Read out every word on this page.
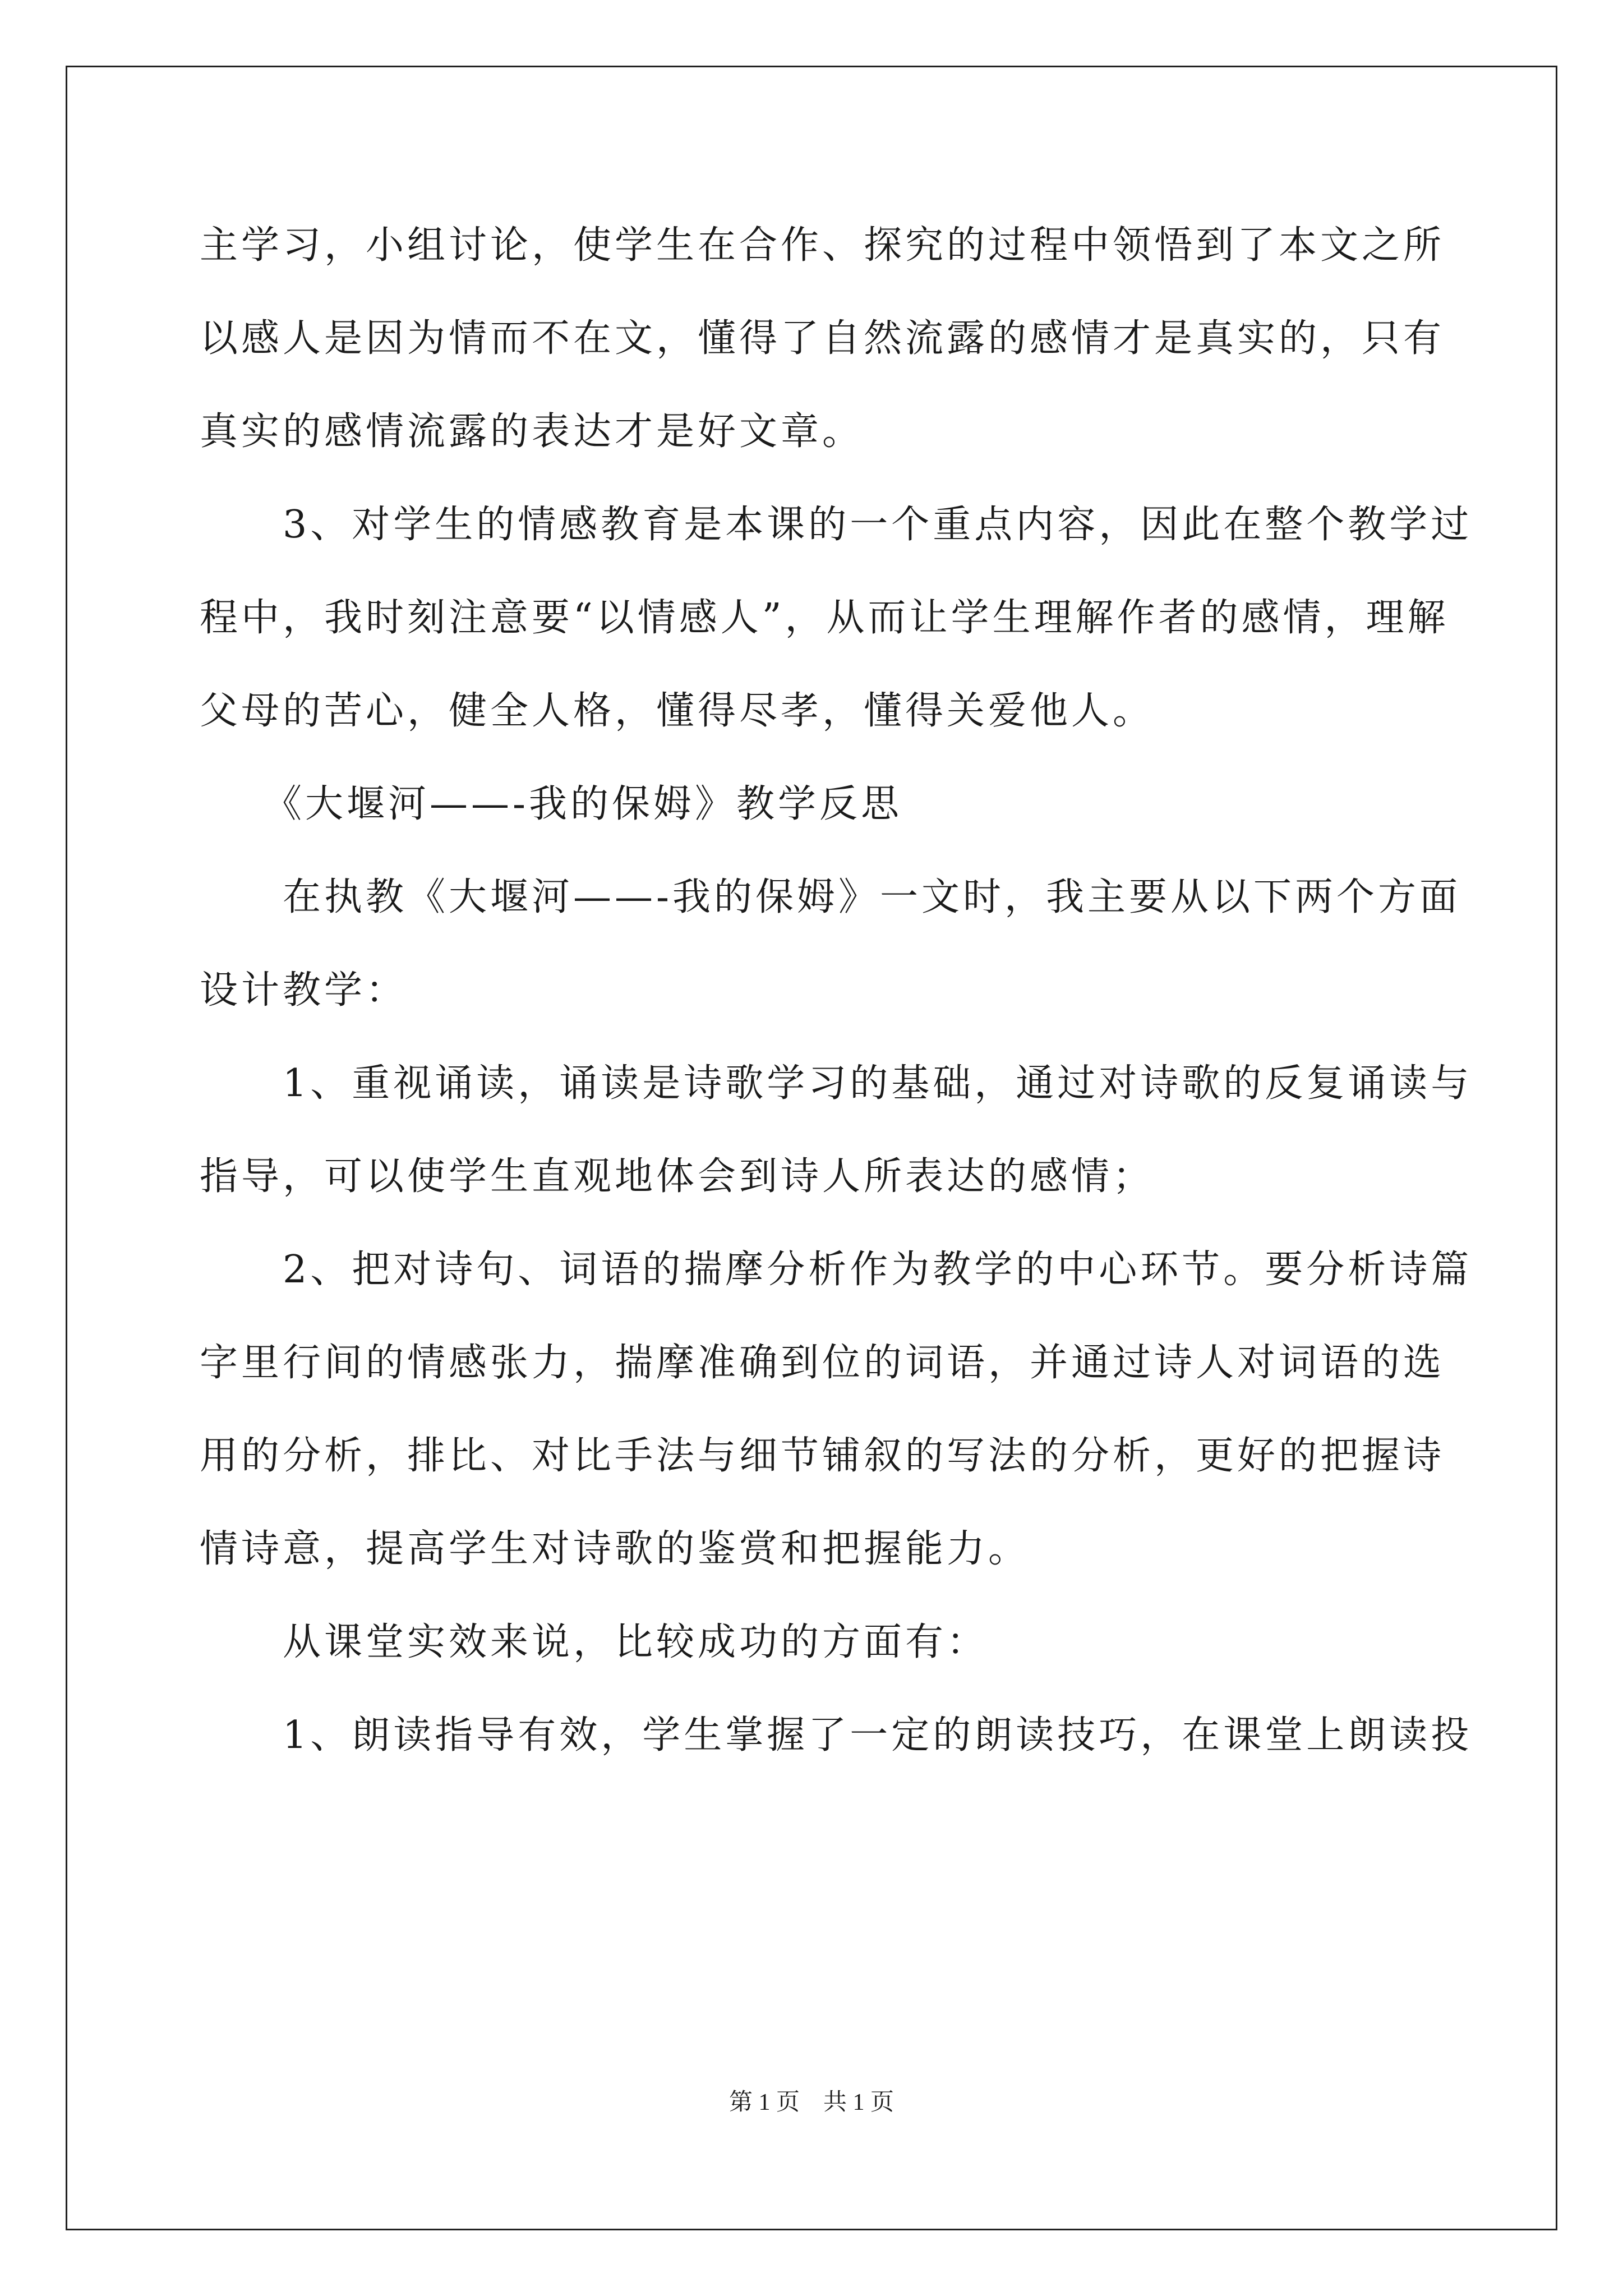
主学习，小组讨论，使学生在合作、探究的过程中领悟到了本文之所
以感人是因为情而不在文，懂得了自然流露的感情才是真实的，只有
真实的感情流露的表达才是好文章。
　　3、对学生的情感教育是本课的一个重点内容，因此在整个教学过
程中，我时刻注意要“以情感人”，从而让学生理解作者的感情，理解
父母的苦心，健全人格，懂得尽孝，懂得关爱他人。
　　《大堰河——-我的保姆》教学反思
　　在执教《大堰河——-我的保姆》一文时，我主要从以下两个方面
设计教学：
　　1、重视诵读，诵读是诗歌学习的基础，通过对诗歌的反复诵读与
指导，可以使学生直观地体会到诗人所表达的感情；
　　2、把对诗句、词语的揣摩分析作为教学的中心环节。要分析诗篇
字里行间的情感张力，揣摩准确到位的词语，并通过诗人对词语的选
用的分析，排比、对比手法与细节铺叙的写法的分析，更好的把握诗
情诗意，提高学生对诗歌的鉴赏和把握能力。
　　从课堂实效来说，比较成功的方面有：
　　1、朗读指导有效，学生掌握了一定的朗读技巧，在课堂上朗读投
第 1 页　共 1 页
